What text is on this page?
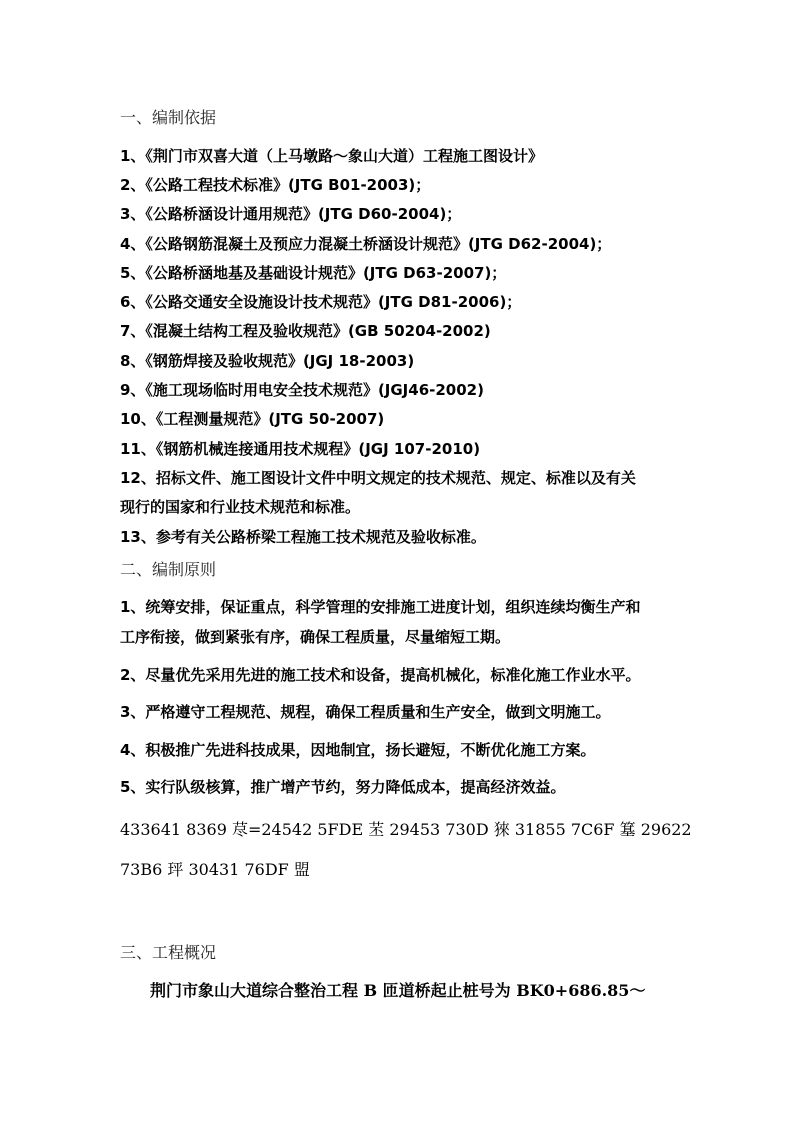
一、编制依据
1、《荆门市双喜大道（上马墩路～象山大道）工程施工图设计》
2、《公路工程技术标准》(JTG B01-2003)；
3、《公路桥涵设计通用规范》(JTG D60-2004)；
4、《公路钢筋混凝土及预应力混凝土桥涵设计规范》(JTG D62-2004)；
5、《公路桥涵地基及基础设计规范》(JTG D63-2007)；
6、《公路交通安全设施设计技术规范》(JTG D81-2006)；
7、《混凝土结构工程及验收规范》(GB 50204-2002)
8、《钢筋焊接及验收规范》(JGJ 18-2003)
9、《施工现场临时用电安全技术规范》(JGJ46-2002)
10、《工程测量规范》(JTG 50-2007)
11、《钢筋机械连接通用技术规程》(JGJ 107-2010)
12、招标文件、施工图设计文件中明文规定的技术规范、规定、标准以及有关
现行的国家和行业技术规范和标准。
13、参考有关公路桥梁工程施工技术规范及验收标准。
二、编制原则
1、统筹安排，保证重点，科学管理的安排施工进度计划，组织连续均衡生产和
工序衔接，做到紧张有序，确保工程质量，尽量缩短工期。
2、尽量优先采用先进的施工技术和设备，提高机械化，标准化施工作业水平。
3、严格遵守工程规范、规程，确保工程质量和生产安全，做到文明施工。
4、积极推广先进科技成果，因地制宜，扬长避短，不断优化施工方案。
5、实行队级核算，推广增产节约，努力降低成本，提高经济效益。
433641 8369 荩=24542 5FDE 苤 29453 730D 猍 31855 7C6F 簊 29622
73B6 玶 30431 76DF 盟
三、工程概况
荆门市象山大道综合整治工程 B 匝道桥起止桩号为 BK0+686.85～
